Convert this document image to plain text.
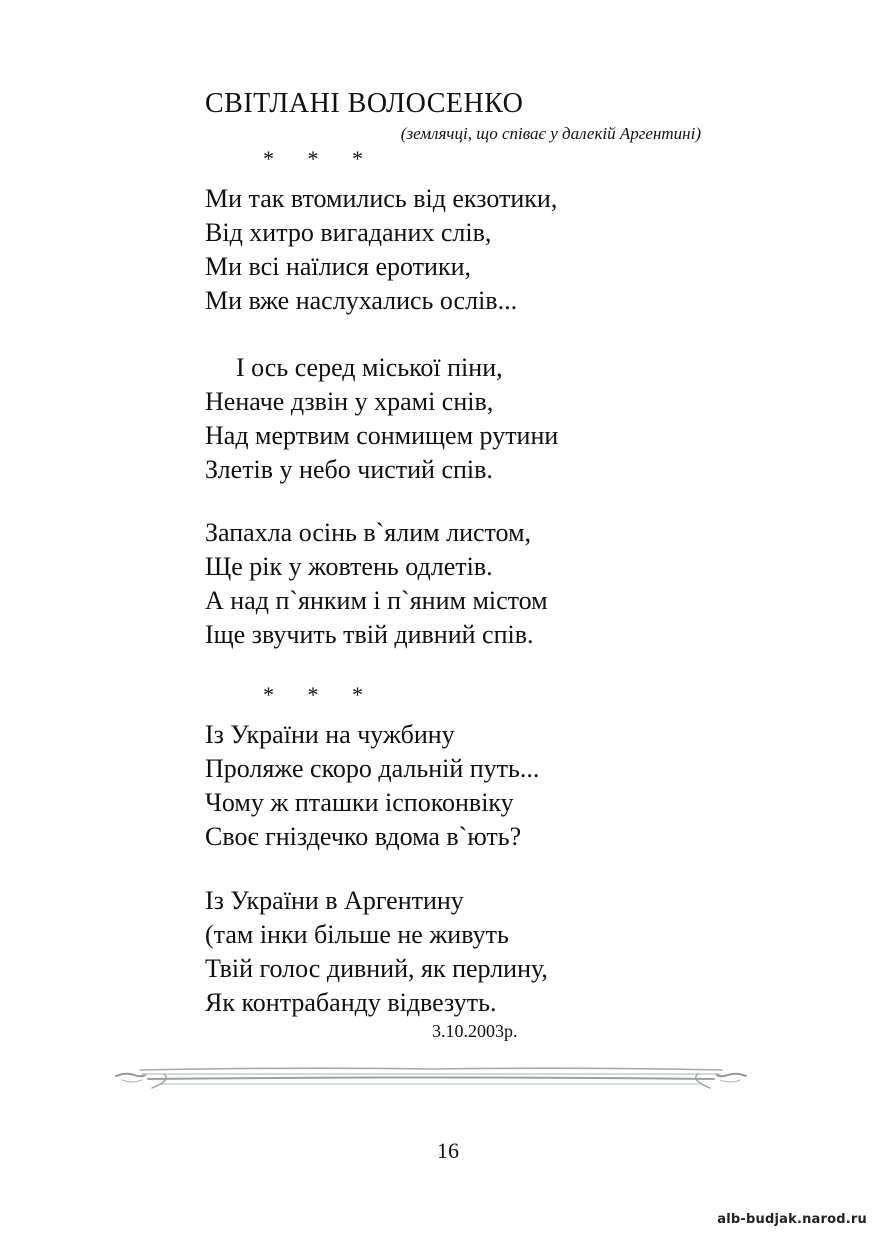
СВІТЛАНІ ВОЛОСЕНКО
(землячці, що співає у далекій Аргентині)
* * *
Ми так втомились від екзотики,
Від хитро вигаданих слів,
Ми всі наїлися еротики,
Ми вже наслухались ослів...
І ось серед міської піни,
Неначе дзвін у храмі снів,
Над мертвим сонмищем рутини
Злетів у небо чистий спів.
Запахла осінь в`ялим листом,
Ще рік у жовтень одлетів.
А над п`янким і п`яним містом
Іще звучить твій дивний спів.
* * *
Із України на чужбину
Проляже скоро дальній путь...
Чому ж пташки іспоконвіку
Своє гніздечко вдома в`ють?
Із України в Аргентину
(там інки більше не живуть
Твій голос дивний, як перлину,
Як контрабанду відвезуть.
3.10.2003р.
16
alb-budjak.narod.ru
